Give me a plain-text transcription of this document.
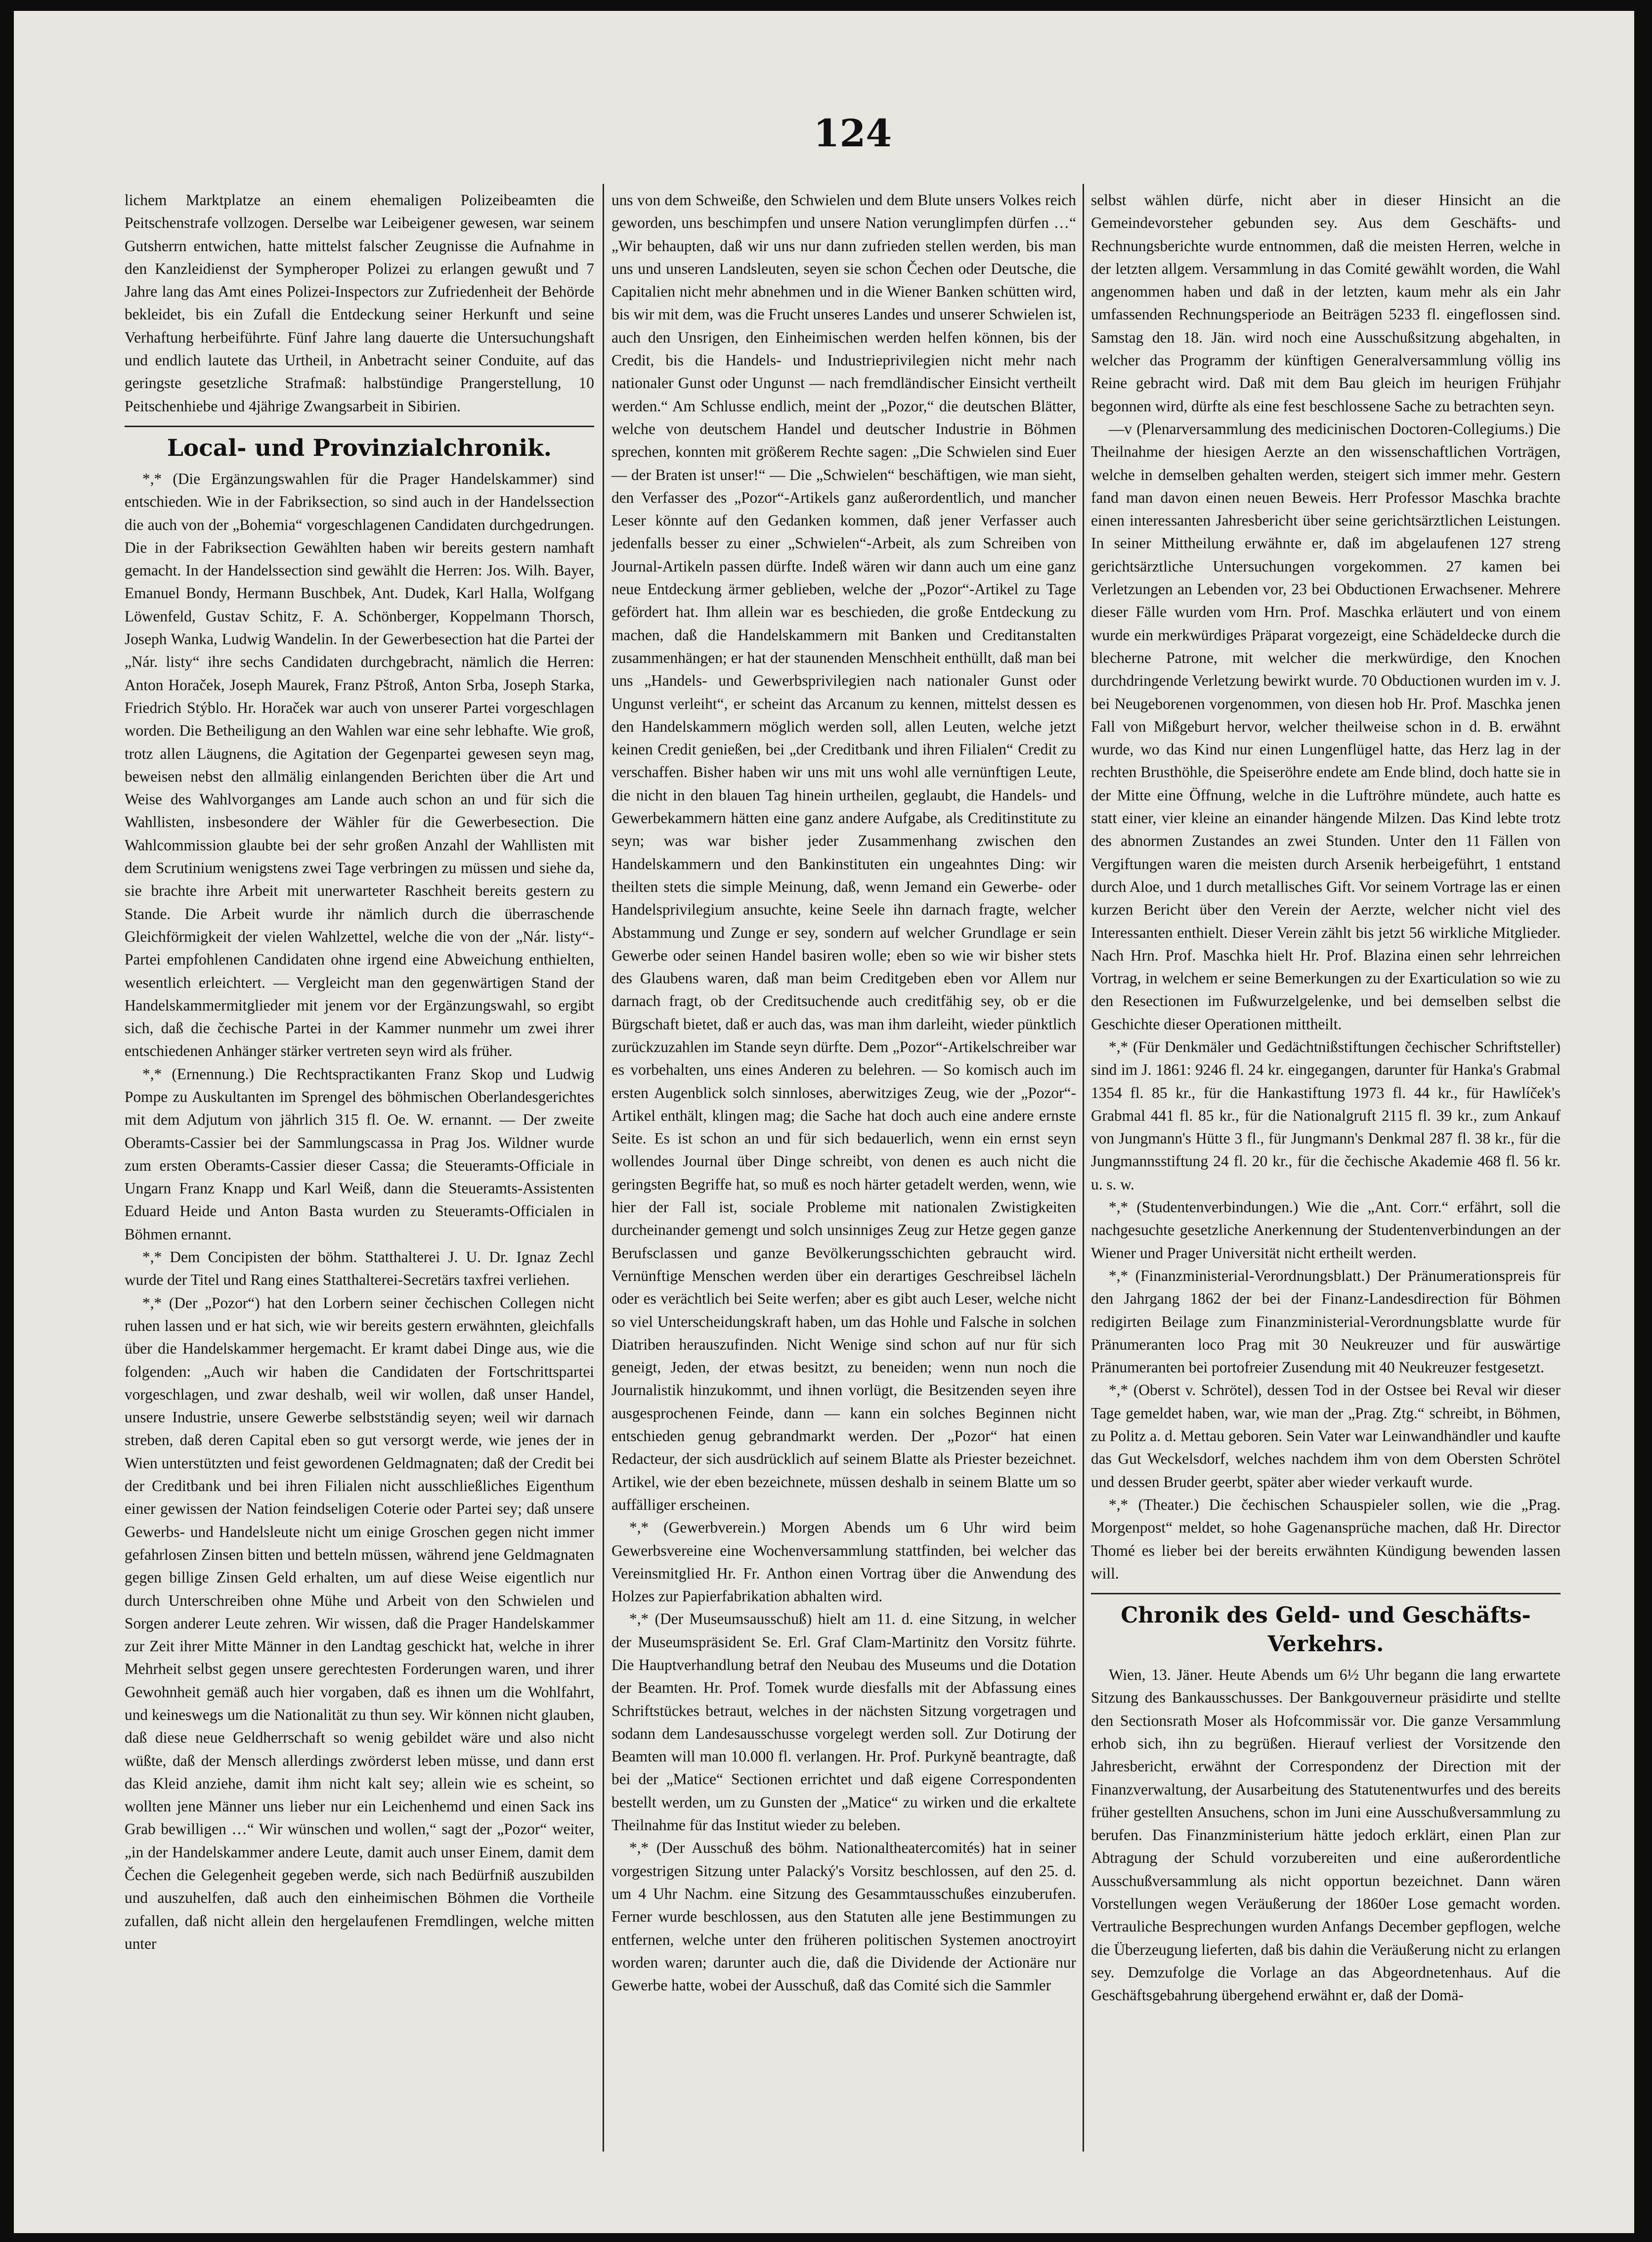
124

lichem Marktplatze an einem ehemaligen Polizeibeamten die Peitschenstrafe vollzogen. Derselbe war Leibeigener gewesen, war seinem Gutsherrn entwichen, hatte mittelst falscher Zeugnisse die Aufnahme in den Kanzleidienst der Sympheroper Polizei zu erlangen gewußt und 7 Jahre lang das Amt eines Polizei-Inspectors zur Zufriedenheit der Behörde bekleidet, bis ein Zufall die Entdeckung seiner Herkunft und seine Verhaftung herbeiführte. Fünf Jahre lang dauerte die Untersuchungshaft und endlich lautete das Urtheil, in Anbetracht seiner Conduite, auf das geringste gesetzliche Strafmaß: halbstündige Prangerstellung, 10 Peitschenhiebe und 4jährige Zwangsarbeit in Sibirien.

Local- und Provinzialchronik.

*,* (Die Ergänzungswahlen für die Prager Handelskammer) sind entschieden. Wie in der Fabriksection, so sind auch in der Handelssection die auch von der „Bohemia“ vorgeschlagenen Candidaten durchgedrungen. Die in der Fabriksection Gewählten haben wir bereits gestern namhaft gemacht. In der Handelssection sind gewählt die Herren: Jos. Wilh. Bayer, Emanuel Bondy, Hermann Buschbek, Ant. Dudek, Karl Halla, Wolfgang Löwenfeld, Gustav Schitz, F. A. Schönberger, Koppelmann Thorsch, Joseph Wanka, Ludwig Wandelin. In der Gewerbesection hat die Partei der „Nár. listy“ ihre sechs Candidaten durchgebracht, nämlich die Herren: Anton Horaček, Joseph Maurek, Franz Pštroß, Anton Srba, Joseph Starka, Friedrich Stýblo. Hr. Horaček war auch von unserer Partei vorgeschlagen worden. Die Betheiligung an den Wahlen war eine sehr lebhafte. Wie groß, trotz allen Läugnens, die Agitation der Gegenpartei gewesen seyn mag, beweisen nebst den allmälig einlangenden Berichten über die Art und Weise des Wahlvorganges am Lande auch schon an und für sich die Wahllisten, insbesondere der Wähler für die Gewerbesection. Die Wahlcommission glaubte bei der sehr großen Anzahl der Wahllisten mit dem Scrutinium wenigstens zwei Tage verbringen zu müssen und siehe da, sie brachte ihre Arbeit mit unerwarteter Raschheit bereits gestern zu Stande. Die Arbeit wurde ihr nämlich durch die überraschende Gleichförmigkeit der vielen Wahlzettel, welche die von der „Nár. listy“-Partei empfohlenen Candidaten ohne irgend eine Abweichung enthielten, wesentlich erleichtert. — Vergleicht man den gegenwärtigen Stand der Handelskammermitglieder mit jenem vor der Ergänzungswahl, so ergibt sich, daß die čechische Partei in der Kammer nunmehr um zwei ihrer entschiedenen Anhänger stärker vertreten seyn wird als früher.

*,* (Ernennung.) Die Rechtspractikanten Franz Skop und Ludwig Pompe zu Auskultanten im Sprengel des böhmischen Oberlandesgerichtes mit dem Adjutum von jährlich 315 fl. Oe. W. ernannt. — Der zweite Oberamts-Cassier bei der Sammlungscassa in Prag Jos. Wildner wurde zum ersten Oberamts-Cassier dieser Cassa; die Steueramts-Officiale in Ungarn Franz Knapp und Karl Weiß, dann die Steueramts-Assistenten Eduard Heide und Anton Basta wurden zu Steueramts-Officialen in Böhmen ernannt.

*,* Dem Concipisten der böhm. Statthalterei J. U. Dr. Ignaz Zechl wurde der Titel und Rang eines Statthalterei-Secretärs taxfrei verliehen.

*,* (Der „Pozor“) hat den Lorbern seiner čechischen Collegen nicht ruhen lassen und er hat sich, wie wir bereits gestern erwähnten, gleichfalls über die Handelskammer hergemacht. Er kramt dabei Dinge aus, wie die folgenden: „Auch wir haben die Candidaten der Fortschrittspartei vorgeschlagen, und zwar deshalb, weil wir wollen, daß unser Handel, unsere Industrie, unsere Gewerbe selbstständig seyen; weil wir darnach streben, daß deren Capital eben so gut versorgt werde, wie jenes der in Wien unterstützten und feist gewordenen Geldmagnaten; daß der Credit bei der Creditbank und bei ihren Filialen nicht ausschließliches Eigenthum einer gewissen der Nation feindseligen Coterie oder Partei sey; daß unsere Gewerbs- und Handelsleute nicht um einige Groschen gegen nicht immer gefahrlosen Zinsen bitten und betteln müssen, während jene Geldmagnaten gegen billige Zinsen Geld erhalten, um auf diese Weise eigentlich nur durch Unterschreiben ohne Mühe und Arbeit von den Schwielen und Sorgen anderer Leute zehren. Wir wissen, daß die Prager Handelskammer zur Zeit ihrer Mitte Männer in den Landtag geschickt hat, welche in ihrer Mehrheit selbst gegen unsere gerechtesten Forderungen waren, und ihrer Gewohnheit gemäß auch hier vorgaben, daß es ihnen um die Wohlfahrt, und keineswegs um die Nationalität zu thun sey. Wir können nicht glauben, daß diese neue Geldherrschaft so wenig gebildet wäre und also nicht wüßte, daß der Mensch allerdings zwörderst leben müsse, und dann erst das Kleid anziehe, damit ihm nicht kalt sey; allein wie es scheint, so wollten jene Männer uns lieber nur ein Leichenhemd und einen Sack ins Grab bewilligen …“ Wir wünschen und wollen,“ sagt der „Pozor“ weiter, „in der Handelskammer andere Leute, damit auch unser Einem, damit dem Čechen die Gelegenheit gegeben werde, sich nach Bedürfniß auszubilden und auszuhelfen, daß auch den einheimischen Böhmen die Vortheile zufallen, daß nicht allein den hergelaufenen Fremdlingen, welche mitten unter

uns von dem Schweiße, den Schwielen und dem Blute unsers Volkes reich geworden, uns beschimpfen und unsere Nation verunglimpfen dürfen …“ „Wir behaupten, daß wir uns nur dann zufrieden stellen werden, bis man uns und unseren Landsleuten, seyen sie schon Čechen oder Deutsche, die Capitalien nicht mehr abnehmen und in die Wiener Banken schütten wird, bis wir mit dem, was die Frucht unseres Landes und unserer Schwielen ist, auch den Unsrigen, den Einheimischen werden helfen können, bis der Credit, bis die Handels- und Industrieprivilegien nicht mehr nach nationaler Gunst oder Ungunst — nach fremdländischer Einsicht vertheilt werden.“ Am Schlusse endlich, meint der „Pozor,“ die deutschen Blätter, welche von deutschem Handel und deutscher Industrie in Böhmen sprechen, konnten mit größerem Rechte sagen: „Die Schwielen sind Euer — der Braten ist unser!“ — Die „Schwielen“ beschäftigen, wie man sieht, den Verfasser des „Pozor“-Artikels ganz außerordentlich, und mancher Leser könnte auf den Gedanken kommen, daß jener Verfasser auch jedenfalls besser zu einer „Schwielen“-Arbeit, als zum Schreiben von Journal-Artikeln passen dürfte. Indeß wären wir dann auch um eine ganz neue Entdeckung ärmer geblieben, welche der „Pozor“-Artikel zu Tage gefördert hat. Ihm allein war es beschieden, die große Entdeckung zu machen, daß die Handelskammern mit Banken und Creditanstalten zusammenhängen; er hat der staunenden Menschheit enthüllt, daß man bei uns „Handels- und Gewerbsprivilegien nach nationaler Gunst oder Ungunst verleiht“, er scheint das Arcanum zu kennen, mittelst dessen es den Handelskammern möglich werden soll, allen Leuten, welche jetzt keinen Credit genießen, bei „der Creditbank und ihren Filialen“ Credit zu verschaffen. Bisher haben wir uns mit uns wohl alle vernünftigen Leute, die nicht in den blauen Tag hinein urtheilen, geglaubt, die Handels- und Gewerbekammern hätten eine ganz andere Aufgabe, als Creditinstitute zu seyn; was war bisher jeder Zusammenhang zwischen den Handelskammern und den Bankinstituten ein ungeahntes Ding: wir theilten stets die simple Meinung, daß, wenn Jemand ein Gewerbe- oder Handelsprivilegium ansuchte, keine Seele ihn darnach fragte, welcher Abstammung und Zunge er sey, sondern auf welcher Grundlage er sein Gewerbe oder seinen Handel basiren wolle; eben so wie wir bisher stets des Glaubens waren, daß man beim Creditgeben eben vor Allem nur darnach fragt, ob der Creditsuchende auch creditfähig sey, ob er die Bürgschaft bietet, daß er auch das, was man ihm darleiht, wieder pünktlich zurückzuzahlen im Stande seyn dürfte. Dem „Pozor“-Artikelschreiber war es vorbehalten, uns eines Anderen zu belehren. — So komisch auch im ersten Augenblick solch sinnloses, aberwitziges Zeug, wie der „Pozor“-Artikel enthält, klingen mag; die Sache hat doch auch eine andere ernste Seite. Es ist schon an und für sich bedauerlich, wenn ein ernst seyn wollendes Journal über Dinge schreibt, von denen es auch nicht die geringsten Begriffe hat, so muß es noch härter getadelt werden, wenn, wie hier der Fall ist, sociale Probleme mit nationalen Zwistigkeiten durcheinander gemengt und solch unsinniges Zeug zur Hetze gegen ganze Berufsclassen und ganze Bevölkerungsschichten gebraucht wird. Vernünftige Menschen werden über ein derartiges Geschreibsel lächeln oder es verächtlich bei Seite werfen; aber es gibt auch Leser, welche nicht so viel Unterscheidungskraft haben, um das Hohle und Falsche in solchen Diatriben herauszufinden. Nicht Wenige sind schon auf nur für sich geneigt, Jeden, der etwas besitzt, zu beneiden; wenn nun noch die Journalistik hinzukommt, und ihnen vorlügt, die Besitzenden seyen ihre ausgesprochenen Feinde, dann — kann ein solches Beginnen nicht entschieden genug gebrandmarkt werden. Der „Pozor“ hat einen Redacteur, der sich ausdrücklich auf seinem Blatte als Priester bezeichnet. Artikel, wie der eben bezeichnete, müssen deshalb in seinem Blatte um so auffälliger erscheinen.

*,* (Gewerbverein.) Morgen Abends um 6 Uhr wird beim Gewerbsvereine eine Wochenversammlung stattfinden, bei welcher das Vereinsmitglied Hr. Fr. Anthon einen Vortrag über die Anwendung des Holzes zur Papierfabrikation abhalten wird.

*,* (Der Museumsausschuß) hielt am 11. d. eine Sitzung, in welcher der Museumspräsident Se. Erl. Graf Clam-Martinitz den Vorsitz führte. Die Hauptverhandlung betraf den Neubau des Museums und die Dotation der Beamten. Hr. Prof. Tomek wurde diesfalls mit der Abfassung eines Schriftstückes betraut, welches in der nächsten Sitzung vorgetragen und sodann dem Landesausschusse vorgelegt werden soll. Zur Dotirung der Beamten will man 10.000 fl. verlangen. Hr. Prof. Purkyně beantragte, daß bei der „Matice“ Sectionen errichtet und daß eigene Correspondenten bestellt werden, um zu Gunsten der „Matice“ zu wirken und die erkaltete Theilnahme für das Institut wieder zu beleben.

*,* (Der Ausschuß des böhm. Nationaltheatercomités) hat in seiner vorgestrigen Sitzung unter Palacký's Vorsitz beschlossen, auf den 25. d. um 4 Uhr Nachm. eine Sitzung des Gesammtausschußes einzuberufen. Ferner wurde beschlossen, aus den Statuten alle jene Bestimmungen zu entfernen, welche unter den früheren politischen Systemen anoctroyirt worden waren; darunter auch die, daß die Dividende der Actionäre nur Gewerbe hatte, wobei der Ausschuß, daß das Comité sich die Sammler

selbst wählen dürfe, nicht aber in dieser Hinsicht an die Gemeindevorsteher gebunden sey. Aus dem Geschäfts- und Rechnungsberichte wurde entnommen, daß die meisten Herren, welche in der letzten allgem. Versammlung in das Comité gewählt worden, die Wahl angenommen haben und daß in der letzten, kaum mehr als ein Jahr umfassenden Rechnungsperiode an Beiträgen 5233 fl. eingeflossen sind. Samstag den 18. Jän. wird noch eine Ausschußsitzung abgehalten, in welcher das Programm der künftigen Generalversammlung völlig ins Reine gebracht wird. Daß mit dem Bau gleich im heurigen Frühjahr begonnen wird, dürfte als eine fest beschlossene Sache zu betrachten seyn.

—v (Plenarversammlung des medicinischen Doctoren-Collegiums.) Die Theilnahme der hiesigen Aerzte an den wissenschaftlichen Vorträgen, welche in demselben gehalten werden, steigert sich immer mehr. Gestern fand man davon einen neuen Beweis. Herr Professor Maschka brachte einen interessanten Jahresbericht über seine gerichtsärztlichen Leistungen. In seiner Mittheilung erwähnte er, daß im abgelaufenen 127 streng gerichtsärztliche Untersuchungen vorgekommen. 27 kamen bei Verletzungen an Lebenden vor, 23 bei Obductionen Erwachsener. Mehrere dieser Fälle wurden vom Hrn. Prof. Maschka erläutert und von einem wurde ein merkwürdiges Präparat vorgezeigt, eine Schädeldecke durch die blecherne Patrone, mit welcher die merkwürdige, den Knochen durchdringende Verletzung bewirkt wurde. 70 Obductionen wurden im v. J. bei Neugeborenen vorgenommen, von diesen hob Hr. Prof. Maschka jenen Fall von Mißgeburt hervor, welcher theilweise schon in d. B. erwähnt wurde, wo das Kind nur einen Lungenflügel hatte, das Herz lag in der rechten Brusthöhle, die Speiseröhre endete am Ende blind, doch hatte sie in der Mitte eine Öffnung, welche in die Luftröhre mündete, auch hatte es statt einer, vier kleine an einander hängende Milzen. Das Kind lebte trotz des abnormen Zustandes an zwei Stunden. Unter den 11 Fällen von Vergiftungen waren die meisten durch Arsenik herbeigeführt, 1 entstand durch Aloe, und 1 durch metallisches Gift. Vor seinem Vortrage las er einen kurzen Bericht über den Verein der Aerzte, welcher nicht viel des Interessanten enthielt. Dieser Verein zählt bis jetzt 56 wirkliche Mitglieder. Nach Hrn. Prof. Maschka hielt Hr. Prof. Blazina einen sehr lehrreichen Vortrag, in welchem er seine Bemerkungen zu der Exarticulation so wie zu den Resectionen im Fußwurzelgelenke, und bei demselben selbst die Geschichte dieser Operationen mittheilt.

*,* (Für Denkmäler und Gedächtnißstiftungen čechischer Schriftsteller) sind im J. 1861: 9246 fl. 24 kr. eingegangen, darunter für Hanka's Grabmal 1354 fl. 85 kr., für die Hankastiftung 1973 fl. 44 kr., für Hawlíček's Grabmal 441 fl. 85 kr., für die Nationalgruft 2115 fl. 39 kr., zum Ankauf von Jungmann's Hütte 3 fl., für Jungmann's Denkmal 287 fl. 38 kr., für die Jungmannsstiftung 24 fl. 20 kr., für die čechische Akademie 468 fl. 56 kr. u. s. w.

*,* (Studentenverbindungen.) Wie die „Ant. Corr.“ erfährt, soll die nachgesuchte gesetzliche Anerkennung der Studentenverbindungen an der Wiener und Prager Universität nicht ertheilt werden.

*,* (Finanzministerial-Verordnungsblatt.) Der Pränumerationspreis für den Jahrgang 1862 der bei der Finanz-Landesdirection für Böhmen redigirten Beilage zum Finanzministerial-Verordnungsblatte wurde für Pränumeranten loco Prag mit 30 Neukreuzer und für auswärtige Pränumeranten bei portofreier Zusendung mit 40 Neukreuzer festgesetzt.

*,* (Oberst v. Schrötel), dessen Tod in der Ostsee bei Reval wir dieser Tage gemeldet haben, war, wie man der „Prag. Ztg.“ schreibt, in Böhmen, zu Politz a. d. Mettau geboren. Sein Vater war Leinwandhändler und kaufte das Gut Weckelsdorf, welches nachdem ihm von dem Obersten Schrötel und dessen Bruder geerbt, später aber wieder verkauft wurde.

*,* (Theater.) Die čechischen Schauspieler sollen, wie die „Prag. Morgenpost“ meldet, so hohe Gagenansprüche machen, daß Hr. Director Thomé es lieber bei der bereits erwähnten Kündigung bewenden lassen will.

Chronik des Geld- und Geschäfts-Verkehrs.

Wien, 13. Jäner. Heute Abends um 6½ Uhr begann die lang erwartete Sitzung des Bankausschusses. Der Bankgouverneur präsidirte und stellte den Sectionsrath Moser als Hofcommissär vor. Die ganze Versammlung erhob sich, ihn zu begrüßen. Hierauf verliest der Vorsitzende den Jahresbericht, erwähnt der Correspondenz der Direction mit der Finanzverwaltung, der Ausarbeitung des Statutenentwurfes und des bereits früher gestellten Ansuchens, schon im Juni eine Ausschußversammlung zu berufen. Das Finanzministerium hätte jedoch erklärt, einen Plan zur Abtragung der Schuld vorzubereiten und eine außerordentliche Ausschußversammlung als nicht opportun bezeichnet. Dann wären Vorstellungen wegen Veräußerung der 1860er Lose gemacht worden. Vertrauliche Besprechungen wurden Anfangs December gepflogen, welche die Überzeugung lieferten, daß bis dahin die Veräußerung nicht zu erlangen sey. Demzufolge die Vorlage an das Abgeordnetenhaus. Auf die Geschäftsgebahrung übergehend erwähnt er, daß der Domä-
